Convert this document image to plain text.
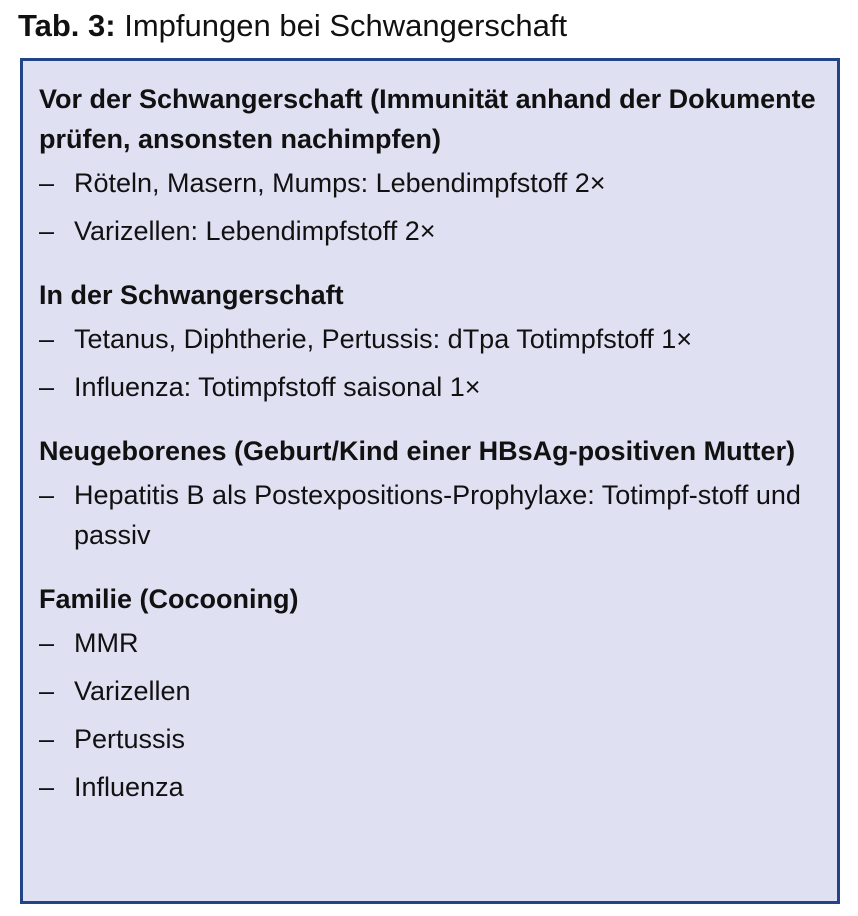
Tab. 3: Impfungen bei Schwangerschaft
Vor der Schwangerschaft (Immunität anhand der Dokumente prüfen, ansonsten nachimpfen)
– Röteln, Masern, Mumps: Lebendimpfstoff 2×
– Varizellen: Lebendimpfstoff 2×
In der Schwangerschaft
– Tetanus, Diphtherie, Pertussis: dTpa Totimpfstoff 1×
– Influenza: Totimpfstoff saisonal 1×
Neugeborenes (Geburt/Kind einer HBsAg-positiven Mutter)
– Hepatitis B als Postexpositions-Prophylaxe: Totimpf-stoff und passiv
Familie (Cocooning)
– MMR
– Varizellen
– Pertussis
– Influenza
